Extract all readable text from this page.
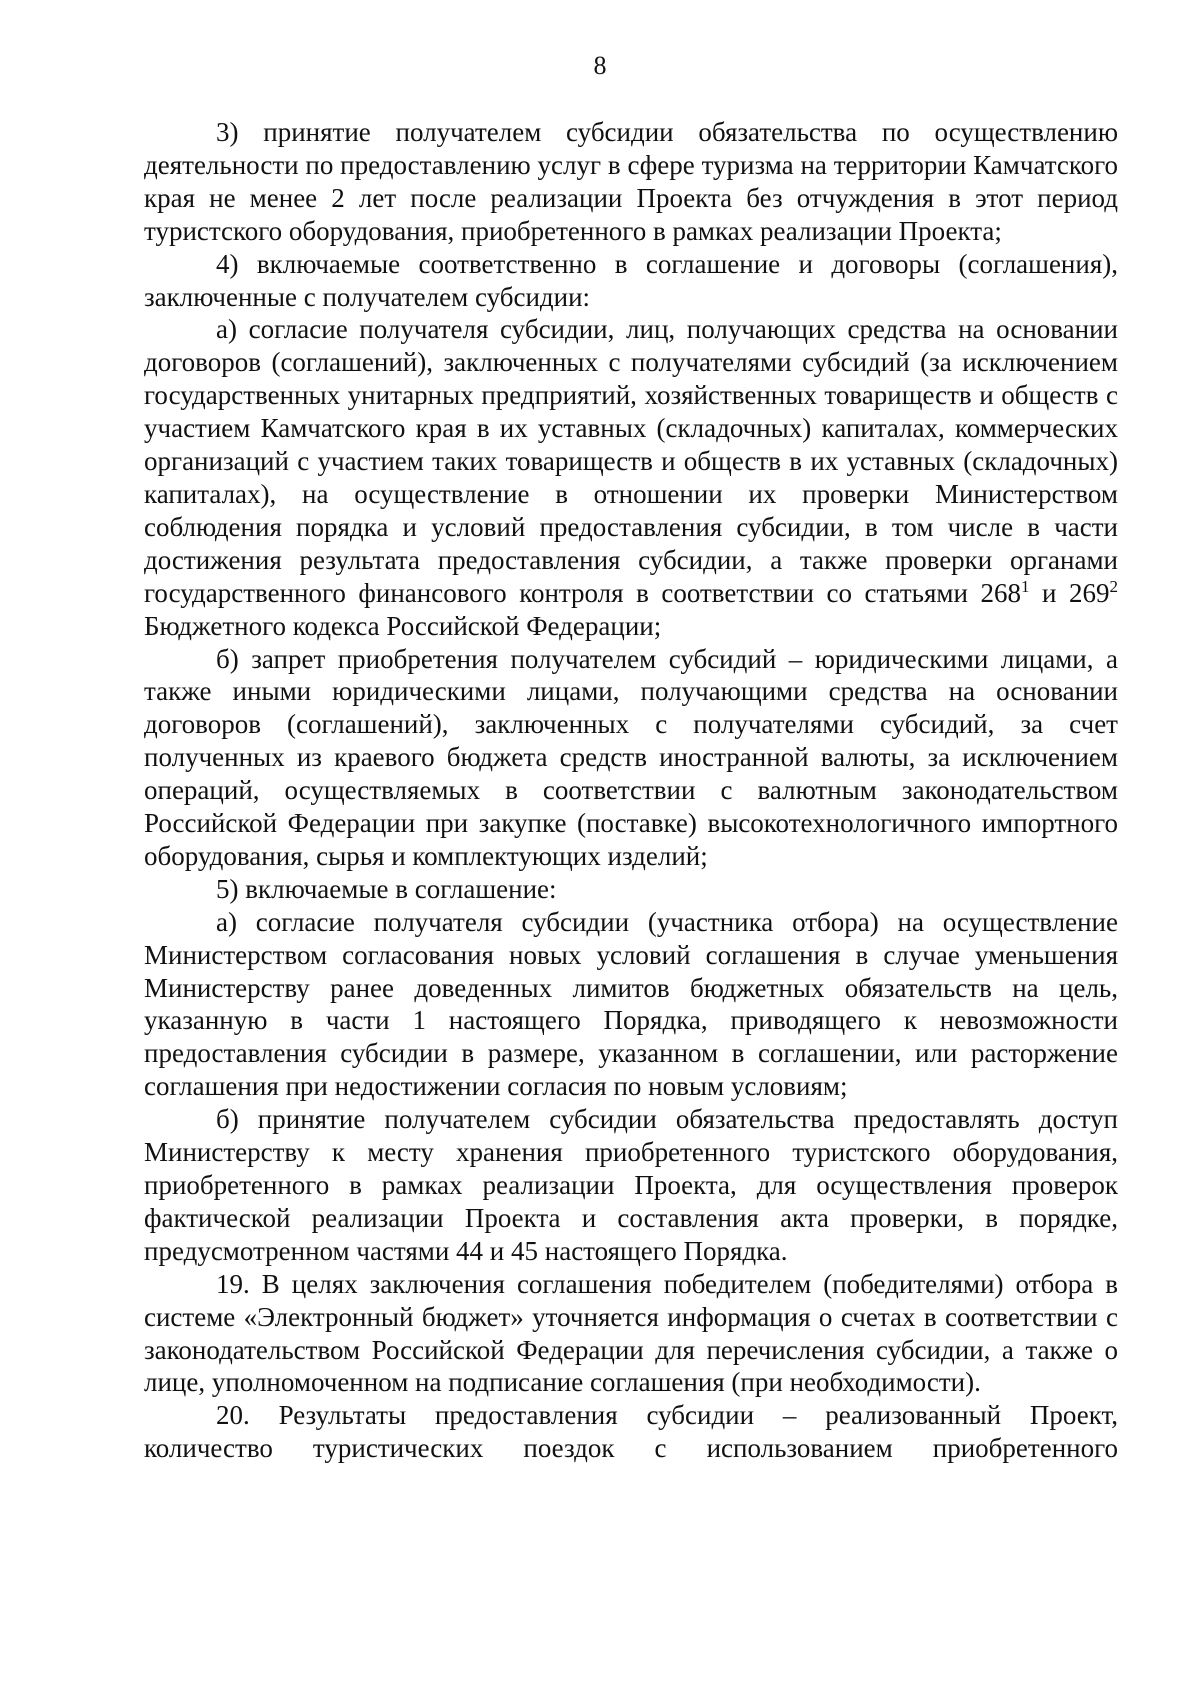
8

3) принятие получателем субсидии обязательства по осуществлению деятельности по предоставлению услуг в сфере туризма на территории Камчатского края не менее 2 лет после реализации Проекта без отчуждения в этот период туристского оборудования, приобретенного в рамках реализации Проекта;

4) включаемые соответственно в соглашение и договоры (соглашения), заключенные с получателем субсидии:

а) согласие получателя субсидии, лиц, получающих средства на основании договоров (соглашений), заключенных с получателями субсидий (за исключением государственных унитарных предприятий, хозяйственных товариществ и обществ с участием Камчатского края в их уставных (складочных) капиталах, коммерческих организаций с участием таких товариществ и обществ в их уставных (складочных) капиталах), на осуществление в отношении их проверки Министерством соблюдения порядка и условий предоставления субсидии, в том числе в части достижения результата предоставления субсидии, а также проверки органами государственного финансового контроля в соответствии со статьями $268^1$ и $269^2$ Бюджетного кодекса Российской Федерации;

б) запрет приобретения получателем субсидий – юридическими лицами, а также иными юридическими лицами, получающими средства на основании договоров (соглашений), заключенных с получателями субсидий, за счет полученных из краевого бюджета средств иностранной валюты, за исключением операций, осуществляемых в соответствии с валютным законодательством Российской Федерации при закупке (поставке) высокотехнологичного импортного оборудования, сырья и комплектующих изделий;

5) включаемые в соглашение:

а) согласие получателя субсидии (участника отбора) на осуществление Министерством согласования новых условий соглашения в случае уменьшения Министерству ранее доведенных лимитов бюджетных обязательств на цель, указанную в части 1 настоящего Порядка, приводящего к невозможности предоставления субсидии в размере, указанном в соглашении, или расторжение соглашения при недостижении согласия по новым условиям;

б) принятие получателем субсидии обязательства предоставлять доступ Министерству к месту хранения приобретенного туристского оборудования, приобретенного в рамках реализации Проекта, для осуществления проверок фактической реализации Проекта и составления акта проверки, в порядке, предусмотренном частями 44 и 45 настоящего Порядка.

19. В целях заключения соглашения победителем (победителями) отбора в системе «Электронный бюджет» уточняется информация о счетах в соответствии с законодательством Российской Федерации для перечисления субсидии, а также о лице, уполномоченном на подписание соглашения (при необходимости).

20. Результаты предоставления субсидии – реализованный Проект, количество туристических поездок с использованием приобретенного
